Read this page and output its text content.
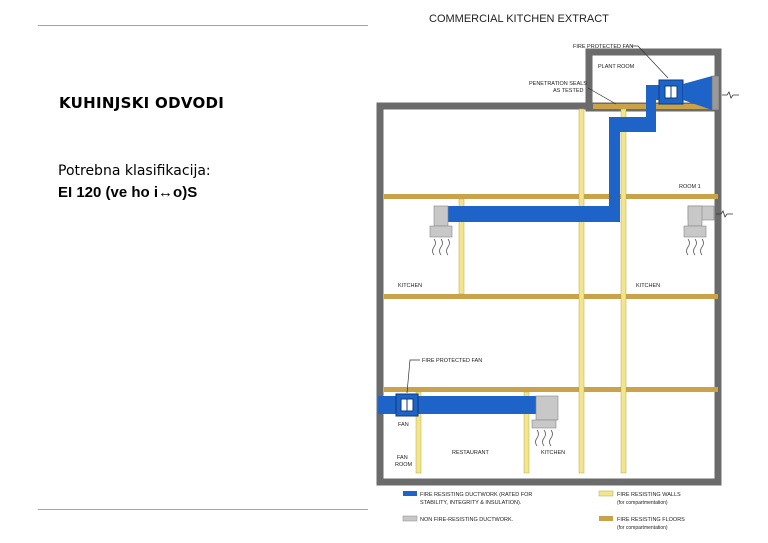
KUHINJSKI ODVODI
Potrebna klasifikacija:
EI 120 (ve ho i↔o)S
COMMERCIAL KITCHEN EXTRACT
FIRE PROTECTED FAN
PLANT ROOM
PENETRATION SEALS
AS TESTED
ROOM 1
KITCHEN	KITCHEN
FIRE PROTECTED FAN
FAN
FAN
ROOM
RESTAURANT	KITCHEN
FIRE RESISTING DUCTWORK (RATED FOR
STABILITY, INTEGRITY & INSULATION).
FIRE RESISTING WALLS
(for compartmentation)
NON FIRE-RESISTING DUCTWORK.	FIRE RESISTING FLOORS
(for compartmentation)
